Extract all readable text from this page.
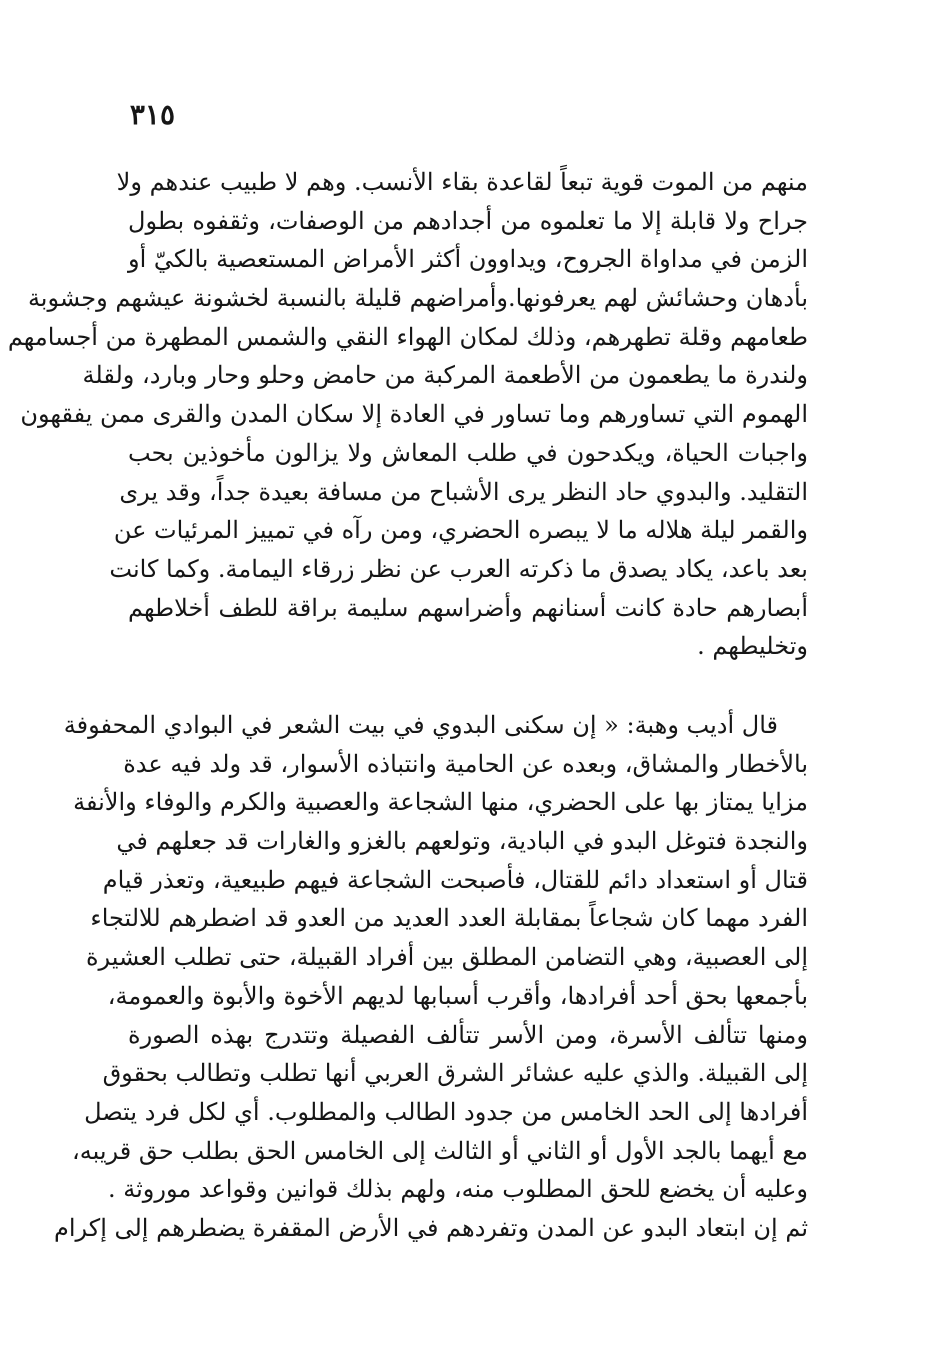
٣١٥
منهم من الموت قوية تبعاً لقاعدة بقاء الأنسب. وهم لا طبيب عندهم ولا
جراح ولا قابلة إلا ما تعلموه من أجدادهم من الوصفات، وثقفوه بطول
الزمن في مداواة الجروح، ويداوون أكثر الأمراض المستعصية بالكيّ أو
بأدهان وحشائش لهم يعرفونها.وأمراضهم قليلة بالنسبة لخشونة عيشهم وجشوبة
طعامهم وقلة تطهرهم، وذلك لمكان الهواء النقي والشمس المطهرة من أجسامهم
ولندرة ما يطعمون من الأطعمة المركبة من حامض وحلو وحار وبارد، ولقلة
الهموم التي تساورهم وما تساور في العادة إلا سكان المدن والقرى ممن يفقهون
واجبات الحياة، ويكدحون في طلب المعاش ولا يزالون مأخوذين بحب
التقليد. والبدوي حاد النظر يرى الأشباح من مسافة بعيدة جداً، وقد يرى
والقمر ليلة هلاله ما لا يبصره الحضري، ومن رآه في تمييز المرئيات عن
بعد باعد، يكاد يصدق ما ذكرته العرب عن نظر زرقاء اليمامة. وكما كانت
أبصارهم حادة كانت أسنانهم وأضراسهم سليمة براقة للطف أخلاطهم
وتخليطهم .
قال أديب وهبة: « إن سكنى البدوي في بيت الشعر في البوادي المحفوفة
بالأخطار والمشاق، وبعده عن الحامية وانتباذه الأسوار، قد ولد فيه عدة
مزايا يمتاز بها على الحضري، منها الشجاعة والعصبية والكرم والوفاء والأنفة
والنجدة فتوغل البدو في البادية، وتولعهم بالغزو والغارات قد جعلهم في
قتال أو استعداد دائم للقتال، فأصبحت الشجاعة فيهم طبيعية، وتعذر قيام
الفرد مهما كان شجاعاً بمقابلة العدد العديد من العدو قد اضطرهم للالتجاء
إلى العصبية، وهي التضامن المطلق بين أفراد القبيلة، حتى تطلب العشيرة
بأجمعها بحق أحد أفرادها، وأقرب أسبابها لديهم الأخوة والأبوة والعمومة،
ومنها تتألف الأسرة، ومن الأسر تتألف الفصيلة وتتدرج بهذه الصورة
إلى القبيلة. والذي عليه عشائر الشرق العربي أنها تطلب وتطالب بحقوق
أفرادها إلى الحد الخامس من جدود الطالب والمطلوب. أي لكل فرد يتصل
مع أيهما بالجد الأول أو الثاني أو الثالث إلى الخامس الحق بطلب حق قريبه،
وعليه أن يخضع للحق المطلوب منه، ولهم بذلك قوانين وقواعد موروثة .
ثم إن ابتعاد البدو عن المدن وتفردهم في الأرض المقفرة يضطرهم إلى إكرام
